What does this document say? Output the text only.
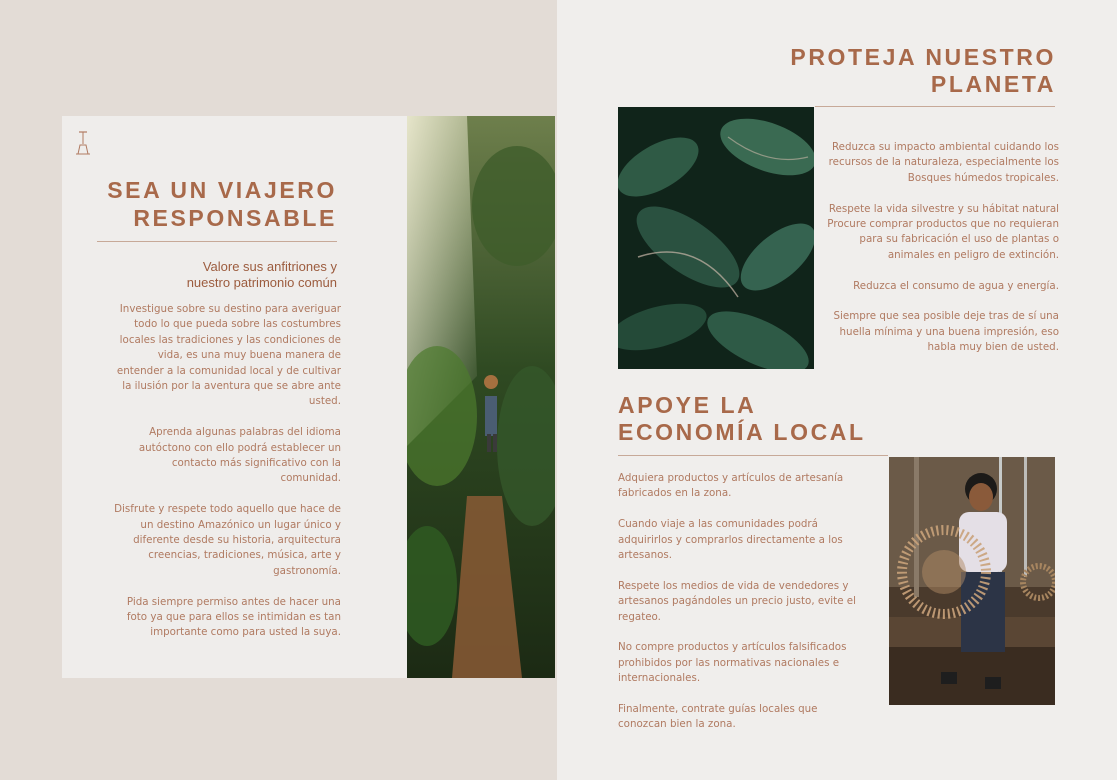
SEA UN VIAJERO
RESPONSABLE
Valore sus anfitriones y
nuestro patrimonio común

Investigue sobre su destino para averiguar todo lo que pueda sobre las costumbres locales las tradiciones y las condiciones de vida, es una muy buena manera de entender a la comunidad local y de cultivar la ilusión por la aventura que se abre ante usted.

Aprenda algunas palabras del idioma autóctono con ello podrá establecer un contacto más significativo con la comunidad.

Disfrute y respete todo aquello que hace de un destino Amazónico un lugar único y diferente desde su historia, arquitectura creencias, tradiciones, música, arte y gastronomía.

Pida siempre permiso antes de hacer una foto ya que para ellos se intimidan es tan importante como para usted la suya.

PROTEJA NUESTRO
PLANETA

Reduzca su impacto ambiental cuidando los recursos de la naturaleza, especialmente los Bosques húmedos tropicales.

Respete la vida silvestre y su hábitat natural Procure comprar productos que no requieran para su fabricación el uso de plantas o animales en peligro de extinción.

Reduzca el consumo de agua y energía.

Siempre que sea posible deje tras de sí una huella mínima y una buena impresión, eso habla muy bien de usted.

APOYE LA
ECONOMÍA LOCAL

Adquiera productos y artículos de artesanía fabricados en la zona.

Cuando viaje a las comunidades podrá adquirirlos y comprarlos directamente a los artesanos.

Respete los medios de vida de vendedores y artesanos pagándoles un precio justo, evite el regateo.

No compre productos y artículos falsificados prohibidos por las normativas nacionales e internacionales.

Finalmente, contrate guías locales que conozcan bien la zona.
